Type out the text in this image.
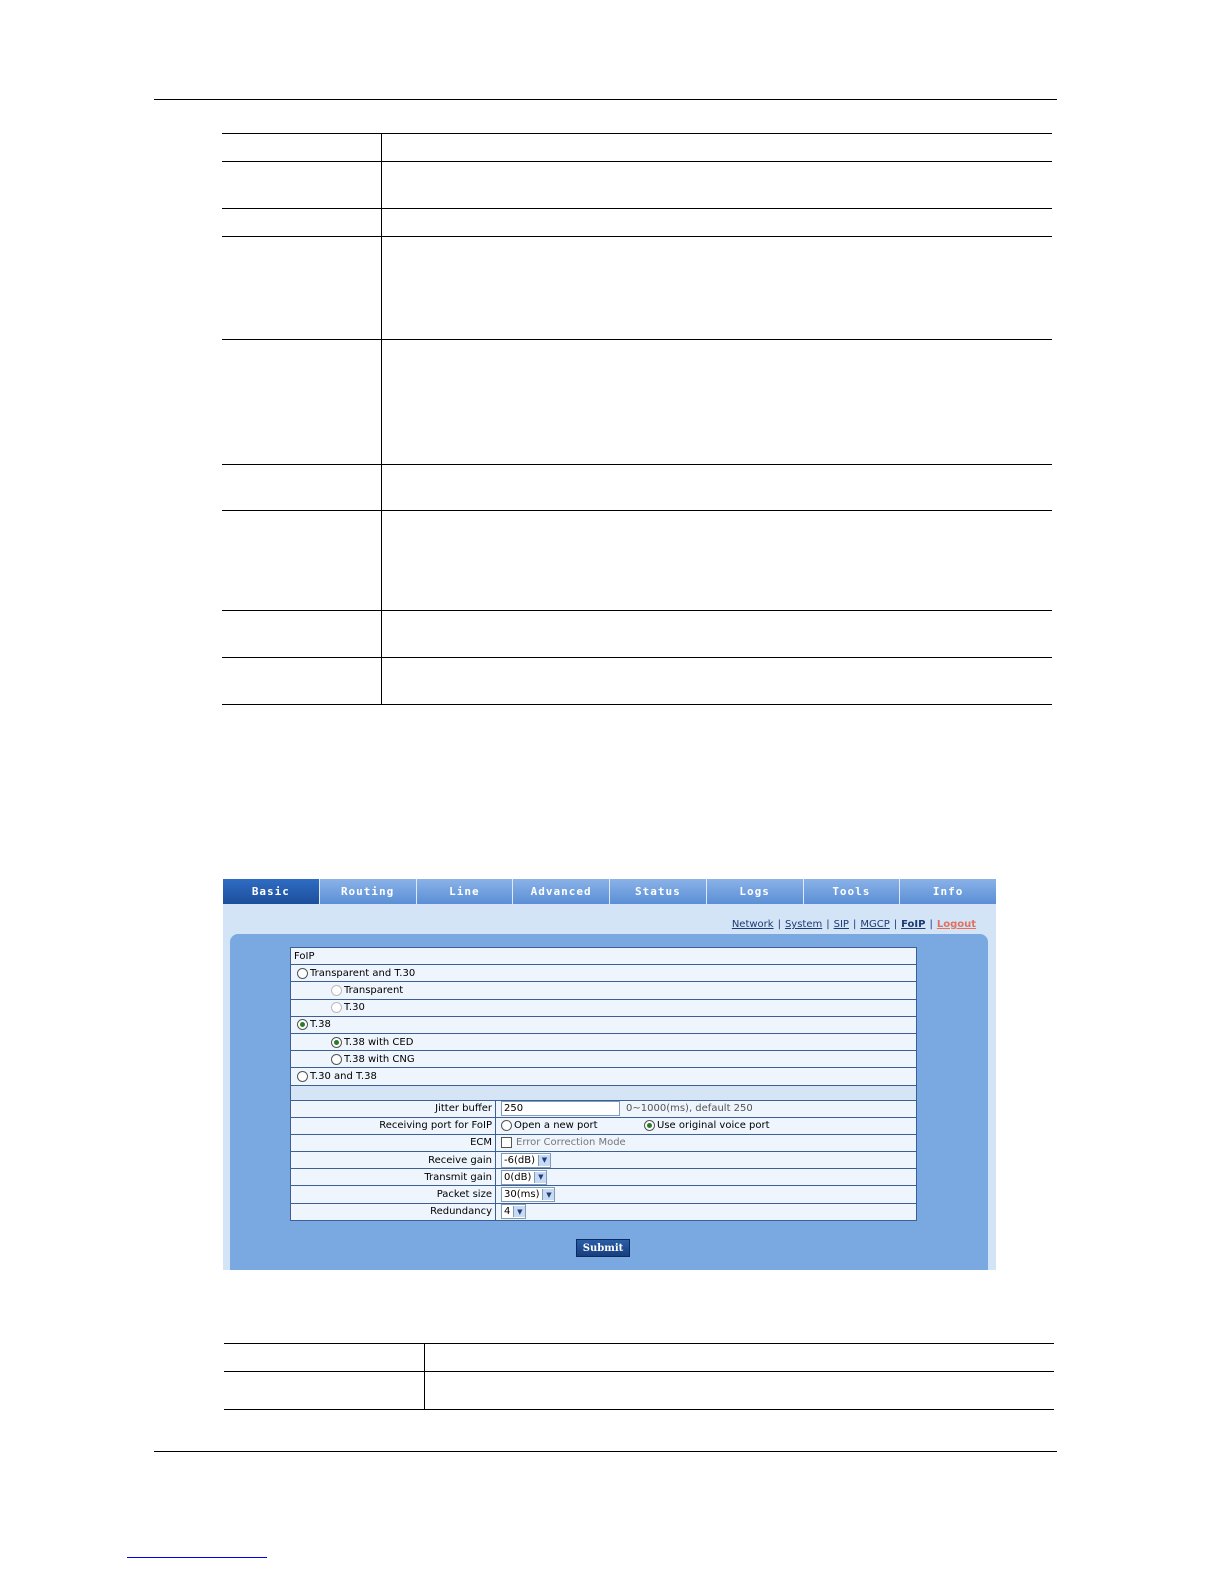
Basic	Routing	Line	Advanced	Status	Logs	Tools	Info
Network | System | SIP | MGCP | FoIP | Logout
FoIP
Transparent and T.30
Transparent
T.30
T.38
T.38 with CED
T.38 with CNG
T.30 and T.38
Jitter buffer	250	0~1000(ms), default 250
Receiving port for FoIP	Open a new port	Use original voice port
ECM	Error Correction Mode
Receive gain	-6(dB) ▼
Transmit gain	0(dB) ▼
Packet size	30(ms) ▼
Redundancy	4 ▼
Submit
